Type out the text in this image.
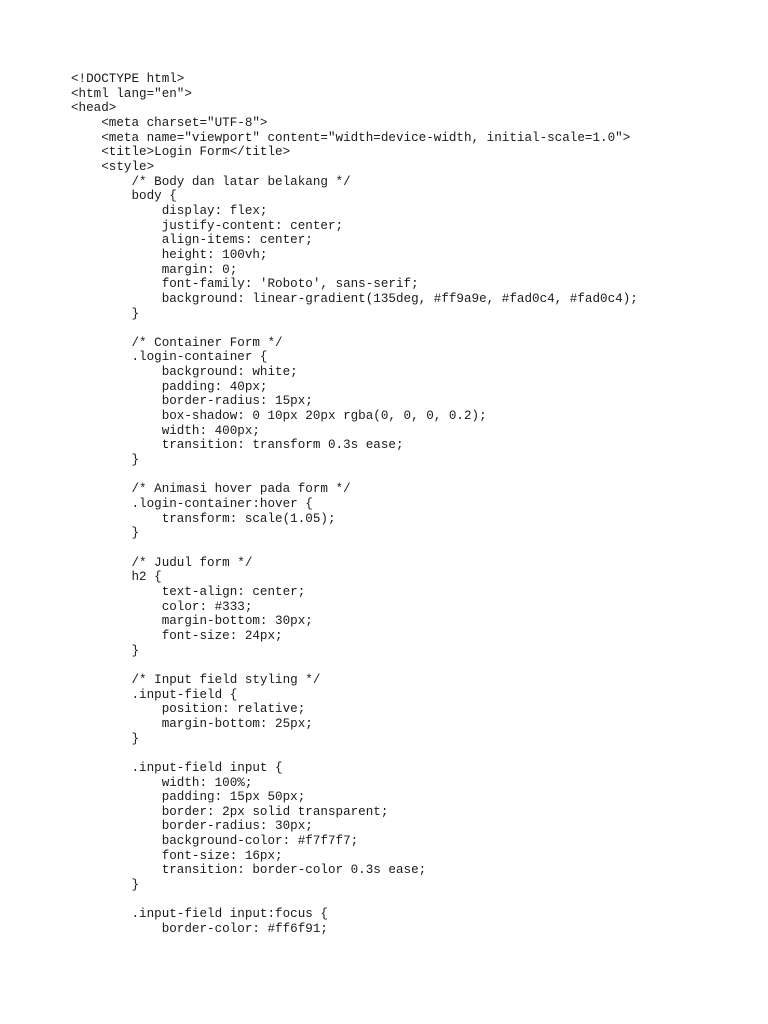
<!DOCTYPE html>
<html lang="en">
<head>
<meta charset="UTF-8">
<meta name="viewport" content="width=device-width, initial-scale=1.0">
<title>Login Form</title>
<style>
/* Body dan latar belakang */
body {
display: flex;
justify-content: center;
align-items: center;
height: 100vh;
margin: 0;
font-family: 'Roboto', sans-serif;
background: linear-gradient(135deg, #ff9a9e, #fad0c4, #fad0c4);
}
/* Container Form */
.login-container {
background: white;
padding: 40px;
border-radius: 15px;
box-shadow: 0 10px 20px rgba(0, 0, 0, 0.2);
width: 400px;
transition: transform 0.3s ease;
}
/* Animasi hover pada form */
.login-container:hover {
transform: scale(1.05);
}
/* Judul form */
h2 {
text-align: center;
color: #333;
margin-bottom: 30px;
font-size: 24px;
}
/* Input field styling */
.input-field {
position: relative;
margin-bottom: 25px;
}
.input-field input {
width: 100%;
padding: 15px 50px;
border: 2px solid transparent;
border-radius: 30px;
background-color: #f7f7f7;
font-size: 16px;
transition: border-color 0.3s ease;
}
.input-field input:focus {
border-color: #ff6f91;
